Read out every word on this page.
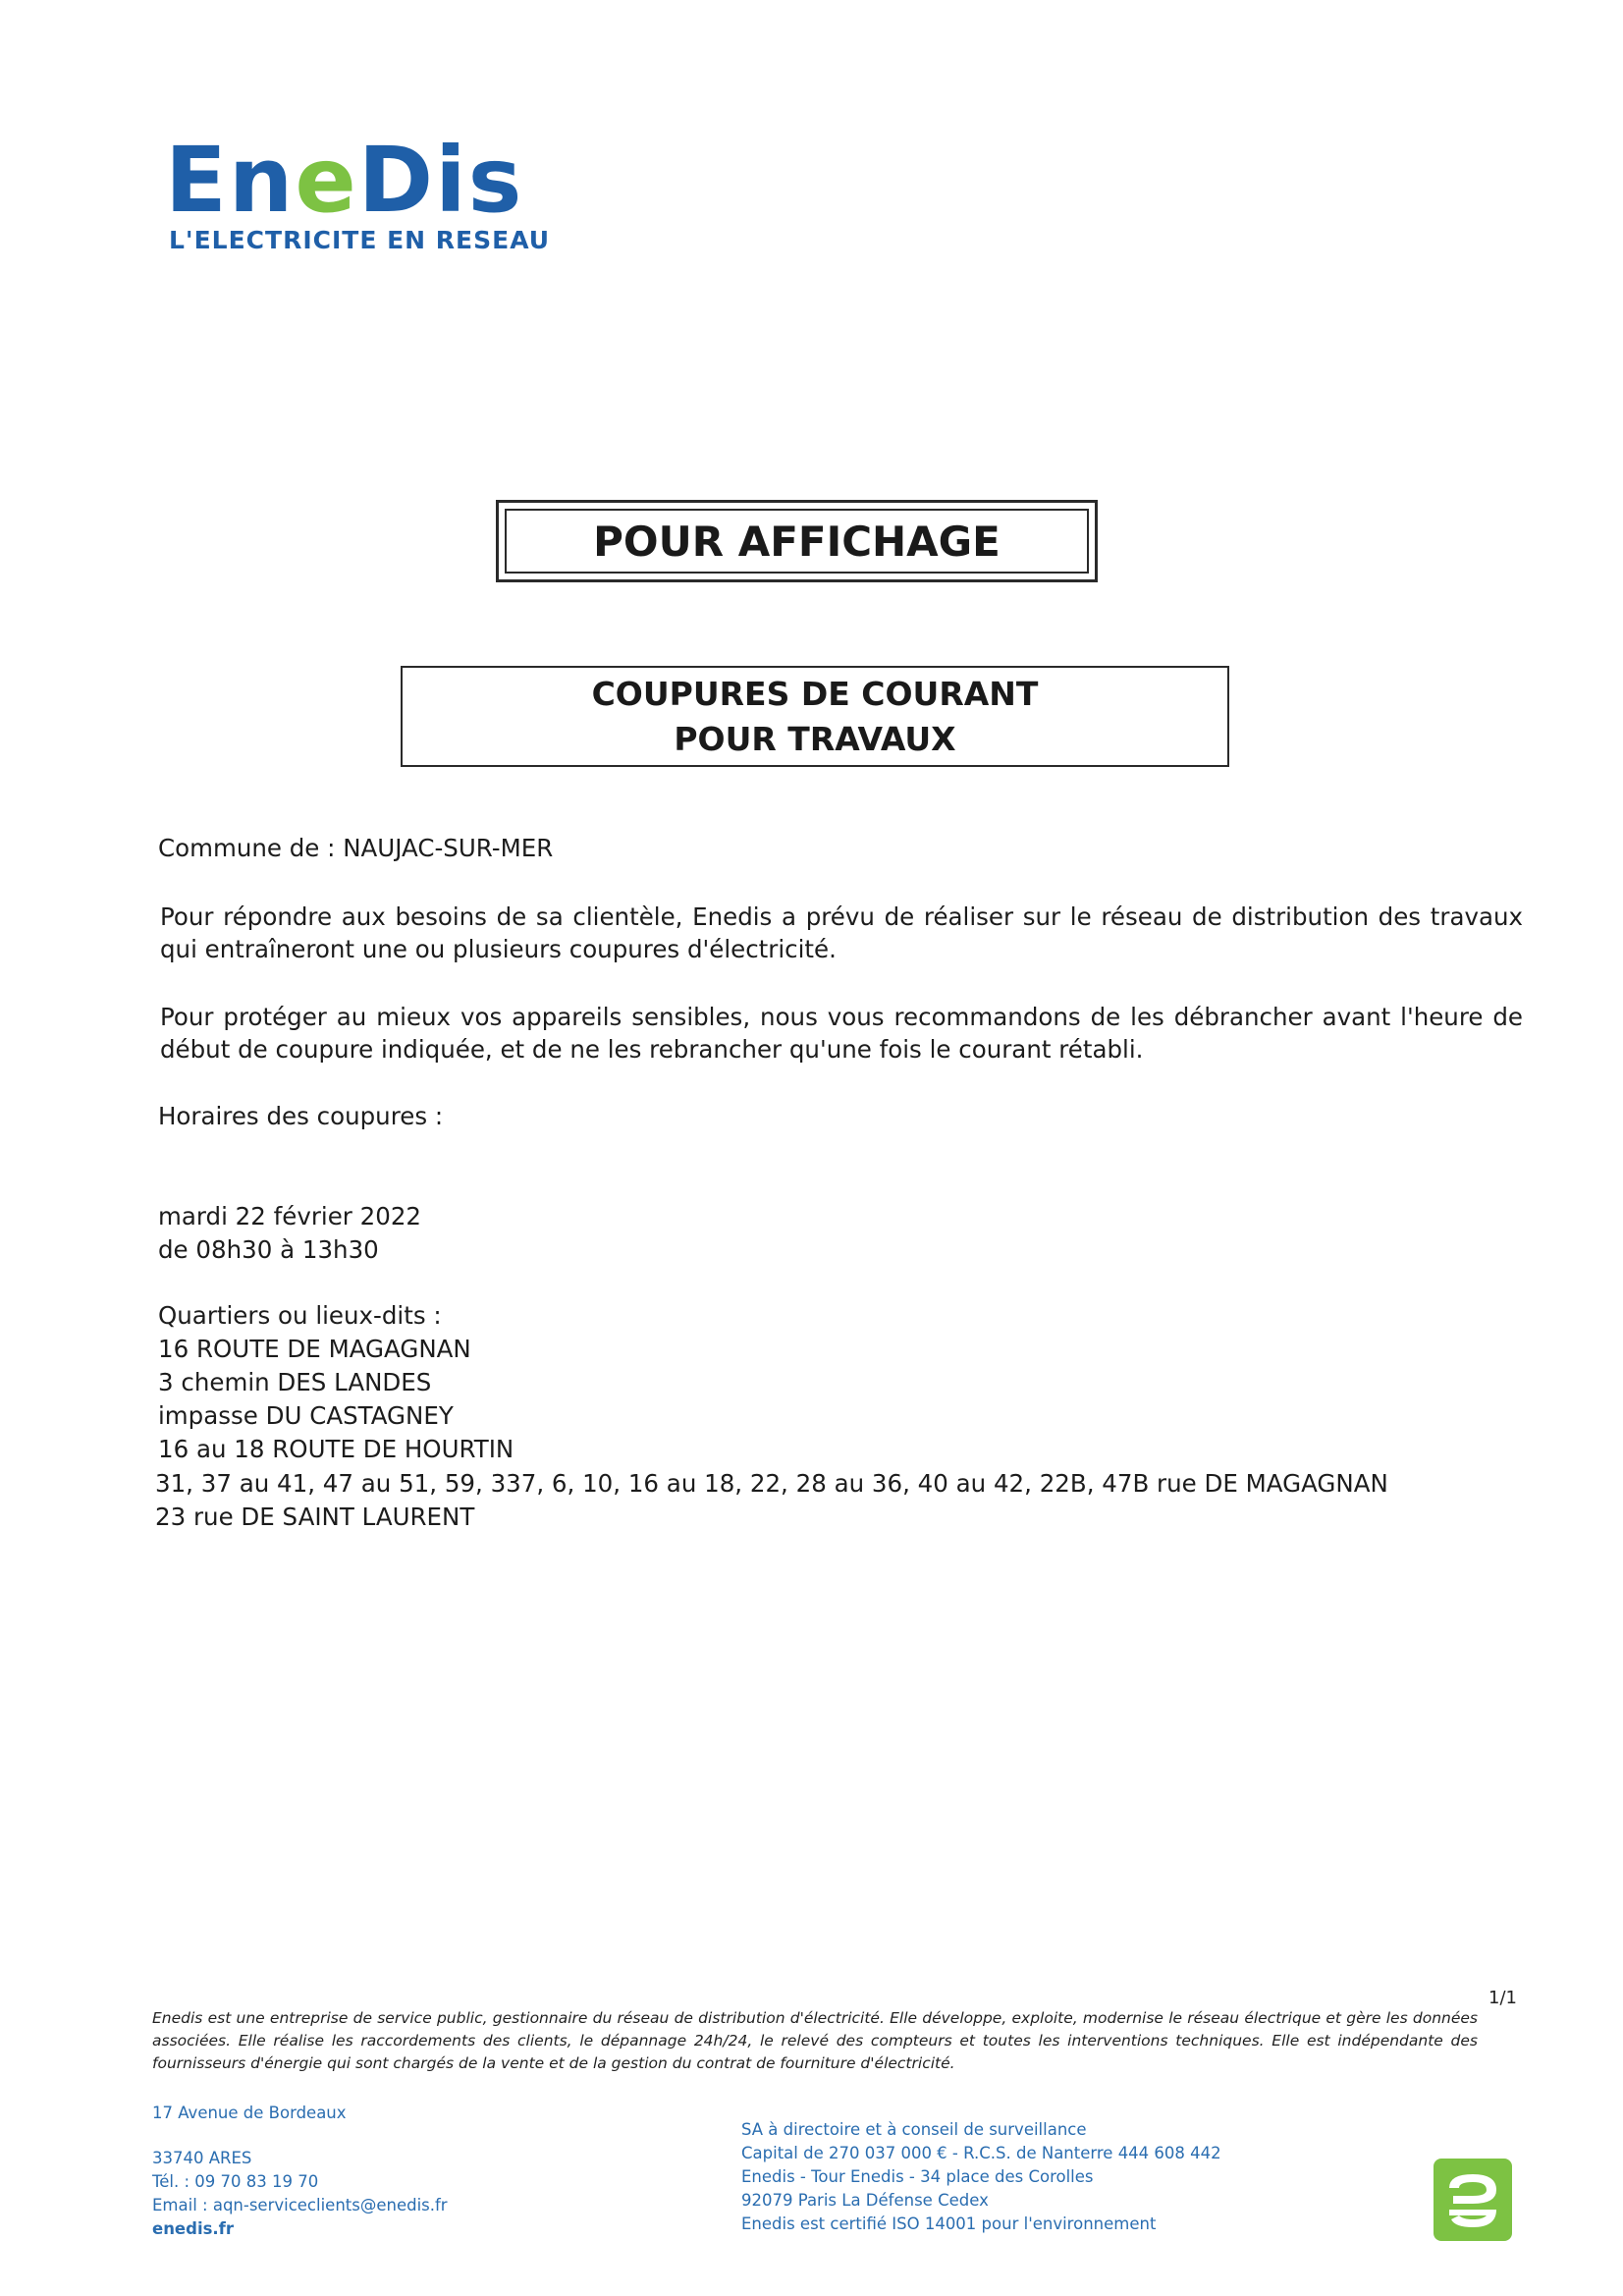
EneDis
L'ELECTRICITE EN RESEAU
POUR AFFICHAGE
COUPURES DE COURANT
POUR TRAVAUX
Commune de : NAUJAC-SUR-MER
Pour répondre aux besoins de sa clientèle, Enedis a prévu de réaliser sur le réseau de distribution des travaux qui entraîneront une ou plusieurs coupures d'électricité.
Pour protéger au mieux vos appareils sensibles, nous vous recommandons de les débrancher avant l'heure de début de coupure indiquée, et de ne les rebrancher qu'une fois le courant rétabli.
Horaires des coupures :
mardi 22 février 2022
de 08h30 à 13h30
Quartiers ou lieux-dits :
16 ROUTE DE MAGAGNAN
3 chemin DES LANDES
impasse DU CASTAGNEY
16 au 18 ROUTE DE HOURTIN
31, 37 au 41, 47 au 51, 59, 337, 6, 10, 16 au 18, 22, 28 au 36, 40 au 42, 22B, 47B rue DE MAGAGNAN
23 rue DE SAINT LAURENT
1/1
Enedis est une entreprise de service public, gestionnaire du réseau de distribution d'électricité. Elle développe, exploite, modernise le réseau électrique et gère les données associées. Elle réalise les raccordements des clients, le dépannage 24h/24, le relevé des compteurs et toutes les interventions techniques. Elle est indépendante des fournisseurs d'énergie qui sont chargés de la vente et de la gestion du contrat de fourniture d'électricité.
17 Avenue de Bordeaux
33740 ARES
Tél. : 09 70 83 19 70
Email : aqn-serviceclients@enedis.fr
enedis.fr
SA à directoire et à conseil de surveillance
Capital de 270 037 000 € - R.C.S. de Nanterre 444 608 442
Enedis - Tour Enedis - 34 place des Corolles
92079 Paris La Défense Cedex
Enedis est certifié ISO 14001 pour l'environnement
